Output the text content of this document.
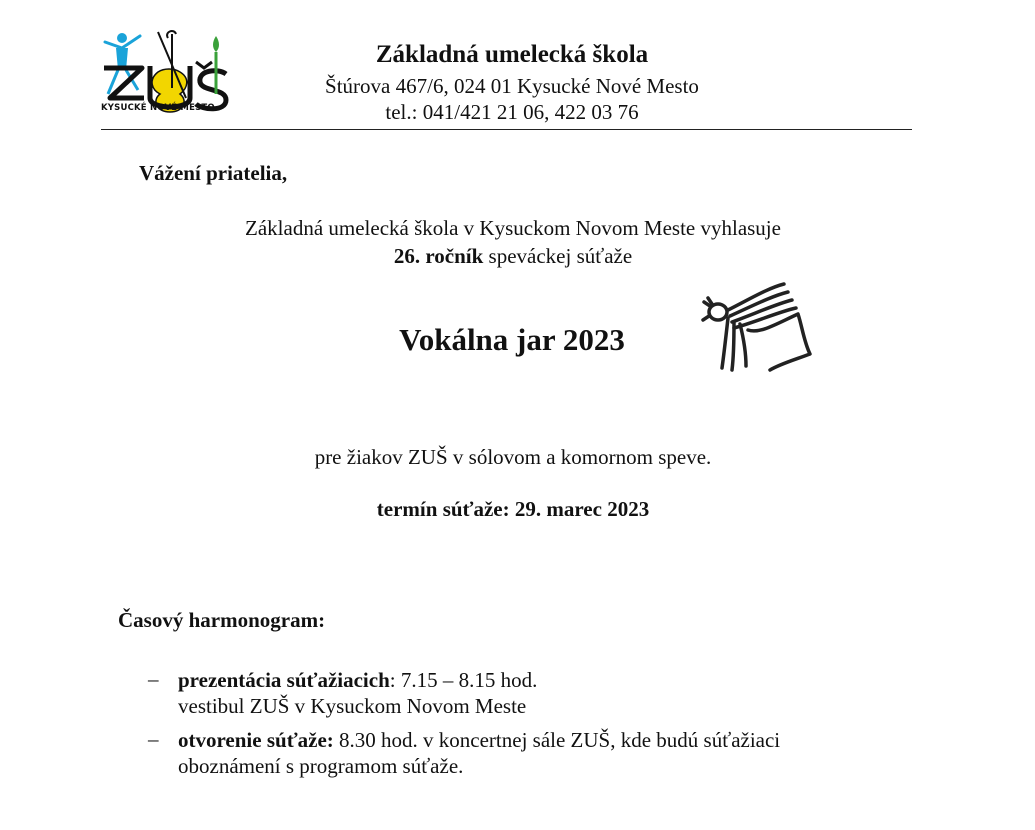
KYSUCKÉ NOVÉ MESTO
Základná umelecká škola
Štúrova 467/6, 024 01 Kysucké Nové Mesto
tel.: 041/421 21 06, 422 03 76
Vážení priatelia,
Základná umelecká škola v Kysuckom Novom Meste vyhlasuje
26. ročník speváckej súťaže
Vokálna jar 2023
pre žiakov ZUŠ v sólovom a komornom speve.
termín súťaže: 29. marec 2023
Časový harmonogram:
– prezentácia súťažiacich: 7.15 – 8.15 hod.
vestibul ZUŠ v Kysuckom Novom Meste
– otvorenie súťaže: 8.30 hod. v koncertnej sále ZUŠ, kde budú súťažiaci
oboznámení s programom súťaže.
